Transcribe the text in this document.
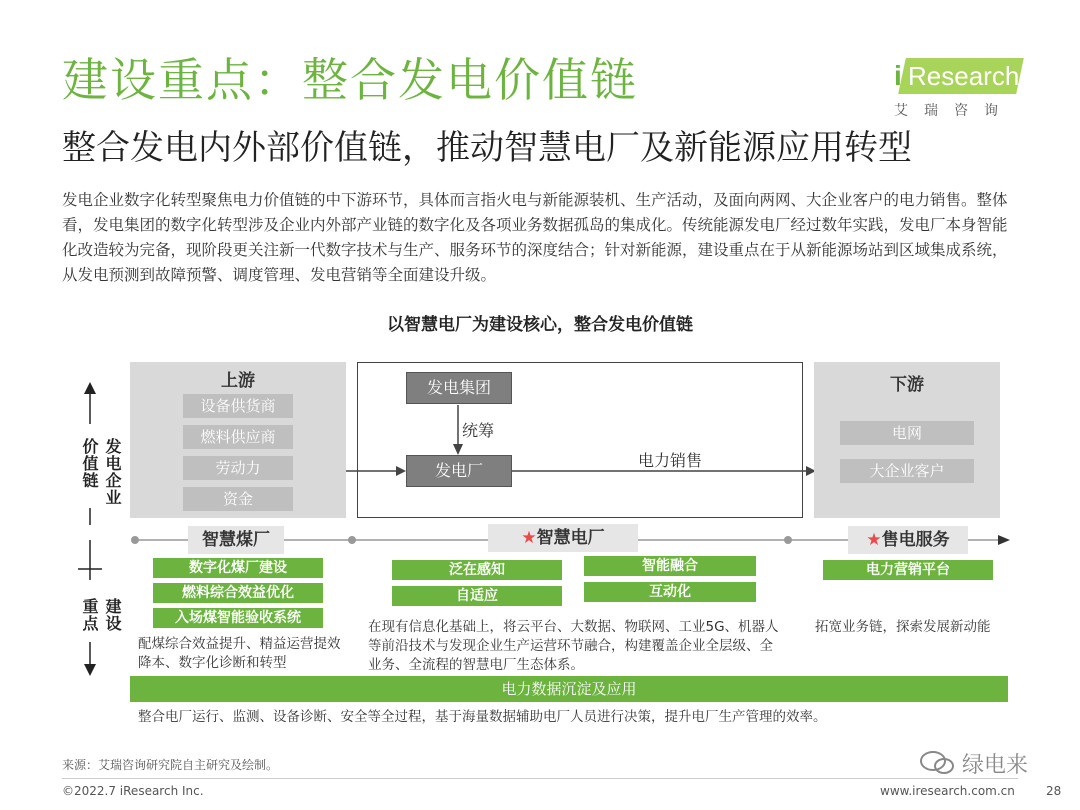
建设重点：整合发电价值链
整合发电内外部价值链，推动智慧电厂及新能源应用转型
发电企业数字化转型聚焦电力价值链的中下游环节，具体而言指火电与新能源装机、生产活动，及面向两网、大企业客户的电力销售。整体看，发电集团的数字化转型涉及企业内外部产业链的数字化及各项业务数据孤岛的集成化。传统能源发电厂经过数年实践，发电厂本身智能化改造较为完备，现阶段更关注新一代数字技术与生产、服务环节的深度结合；针对新能源，建设重点在于从新能源场站到区域集成系统，从发电预测到故障预警、调度管理、发电营销等全面建设升级。
i Research
艾瑞咨询
以智慧电厂为建设核心，整合发电价值链
发电企业价值链
建设重点
上游
设备供货商
燃料供应商
劳动力
资金
发电集团
统筹
发电厂
电力销售
下游
电网
大企业客户
智慧煤厂	★智慧电厂	★售电服务
数字化煤厂建设
燃料综合效益优化
入场煤智能验收系统
配煤综合效益提升、精益运营提效降本、数字化诊断和转型
泛在感知
自适应
智能融合
互动化
在现有信息化基础上，将云平台、大数据、物联网、工业5G、机器人等前沿技术与发现企业生产运营环节融合，构建覆盖企业全层级、全业务、全流程的智慧电厂生态体系。
电力营销平台
拓宽业务链，探索发展新动能
电力数据沉淀及应用
整合电厂运行、监测、设备诊断、安全等全过程，基于海量数据辅助电厂人员进行决策，提升电厂生产管理的效率。
来源：艾瑞咨询研究院自主研究及绘制。
©2022.7 iResearch Inc.	www.iresearch.com.cn	28
绿电来
